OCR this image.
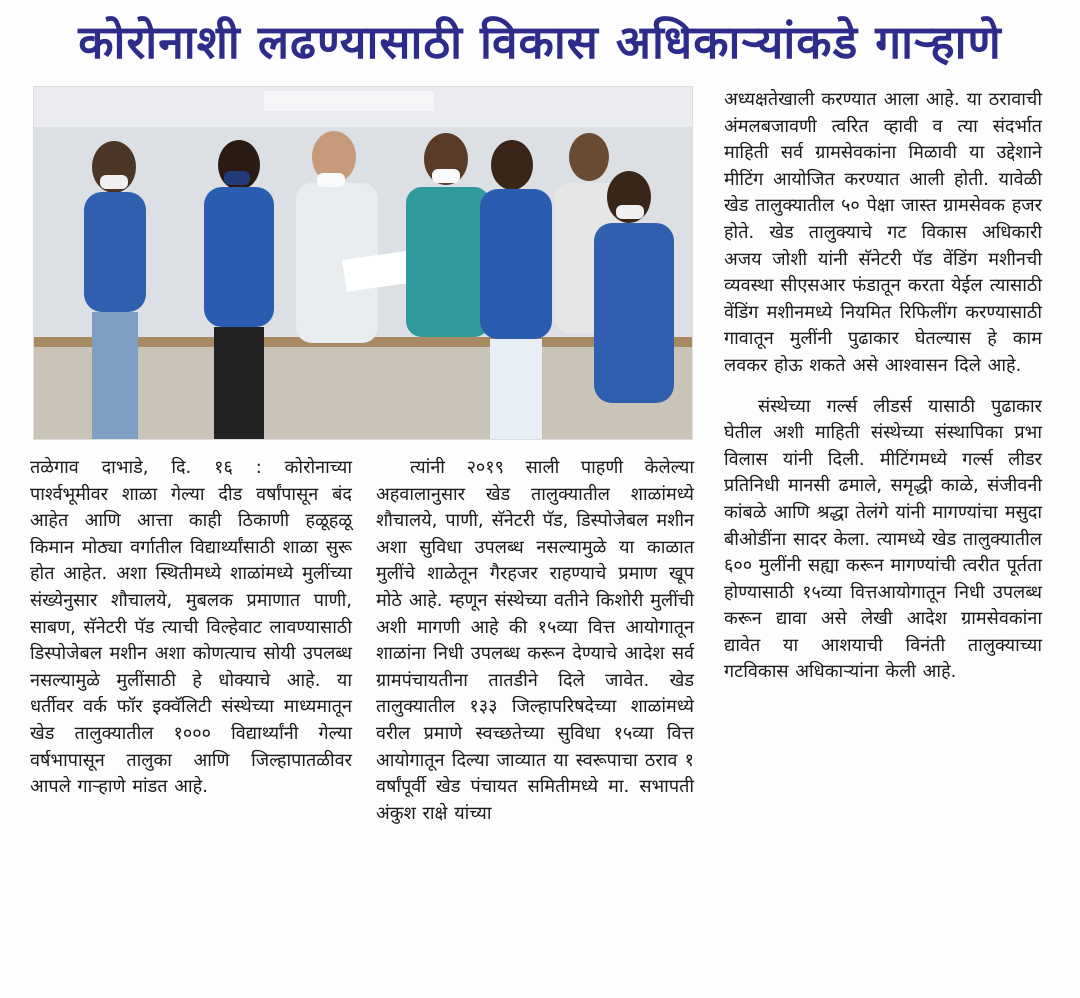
कोरोनाशी लढण्यासाठी विकास अधिकाऱ्यांकडे गाऱ्हाणे

तळेगाव दाभाडे, दि. १६ : कोरोनाच्या पार्श्वभूमीवर शाळा गेल्या दीड वर्षांपासून बंद आहेत आणि आत्ता काही ठिकाणी हळूहळू किमान मोठ्या वर्गातील विद्यार्थ्यांसाठी शाळा सुरू होत आहेत. अशा स्थितीमध्ये शाळांमध्ये मुलींच्या संख्येनुसार शौचालये, मुबलक प्रमाणात पाणी, साबण, सॅनेटरी पॅड त्याची विल्हेवाट लावण्यासाठी डिस्पोजेबल मशीन अशा कोणत्याच सोयी उपलब्ध नसल्यामुळे मुलींसाठी हे धोक्याचे आहे. या धर्तीवर वर्क फॉर इक्वॅलिटी संस्थेच्या माध्यमातून खेड तालुक्यातील १००० विद्यार्थ्यांनी गेल्या वर्षभापासून तालुका आणि जिल्हापातळीवर आपले गाऱ्हाणे मांडत आहे.

त्यांनी २०१९ साली पाहणी केलेल्या अहवालानुसार खेड तालुक्यातील शाळांमध्ये शौचालये, पाणी, सॅनेटरी पॅड, डिस्पोजेबल मशीन अशा सुविधा उपलब्ध नसल्यामुळे या काळात मुलींचे शाळेतून गैरहजर राहण्याचे प्रमाण खूप मोठे आहे. म्हणून संस्थेच्या वतीने किशोरी मुलींची अशी मागणी आहे की १५व्या वित्त आयोगातून शाळांना निधी उपलब्ध करून देण्याचे आदेश सर्व ग्रामपंचायतीना तातडीने दिले जावेत. खेड तालुक्यातील १३३ जिल्हापरिषदेच्या शाळांमध्ये वरील प्रमाणे स्वच्छतेच्या सुविधा १५व्या वित्त आयोगातून दिल्या जाव्यात या स्वरूपाचा ठराव १ वर्षांपूर्वी खेड पंचायत समितीमध्ये मा. सभापती अंकुश राक्षे यांच्या

अध्यक्षतेखाली करण्यात आला आहे. या ठरावाची अंमलबजावणी त्वरित व्हावी व त्या संदर्भात माहिती सर्व ग्रामसेवकांना मिळावी या उद्देशाने मीटिंग आयोजित करण्यात आली होती. यावेळी खेड तालुक्यातील ५० पेक्षा जास्त ग्रामसेवक हजर होते. खेड तालुक्याचे गट विकास अधिकारी अजय जोशी यांनी सॅनेटरी पॅड वेंडिंग मशीनची व्यवस्था सीएसआर फंडातून करता येईल त्यासाठी वेंडिंग मशीनमध्ये नियमित रिफिलींग करण्यासाठी गावातून मुलींनी पुढाकार घेतल्यास हे काम लवकर होऊ शकते असे आश्वासन दिले आहे.

संस्थेच्या गर्ल्स लीडर्स यासाठी पुढाकार घेतील अशी माहिती संस्थेच्या संस्थापिका प्रभा विलास यांनी दिली. मीटिंगमध्ये गर्ल्स लीडर प्रतिनिधी मानसी ढमाले, समृद्धी काळे, संजीवनी कांबळे आणि श्रद्धा तेलंगे यांनी मागण्यांचा मसुदा बीओडींना सादर केला. त्यामध्ये खेड तालुक्यातील ६०० मुलींनी सह्या करून मागण्यांची त्वरीत पूर्तता होण्यासाठी १५व्या वित्तआयोगातून निधी उपलब्ध करून द्यावा असे लेखी आदेश ग्रामसेवकांना द्यावेत या आशयाची विनंती तालुक्याच्या गटविकास अधिकाऱ्यांना केली आहे.
